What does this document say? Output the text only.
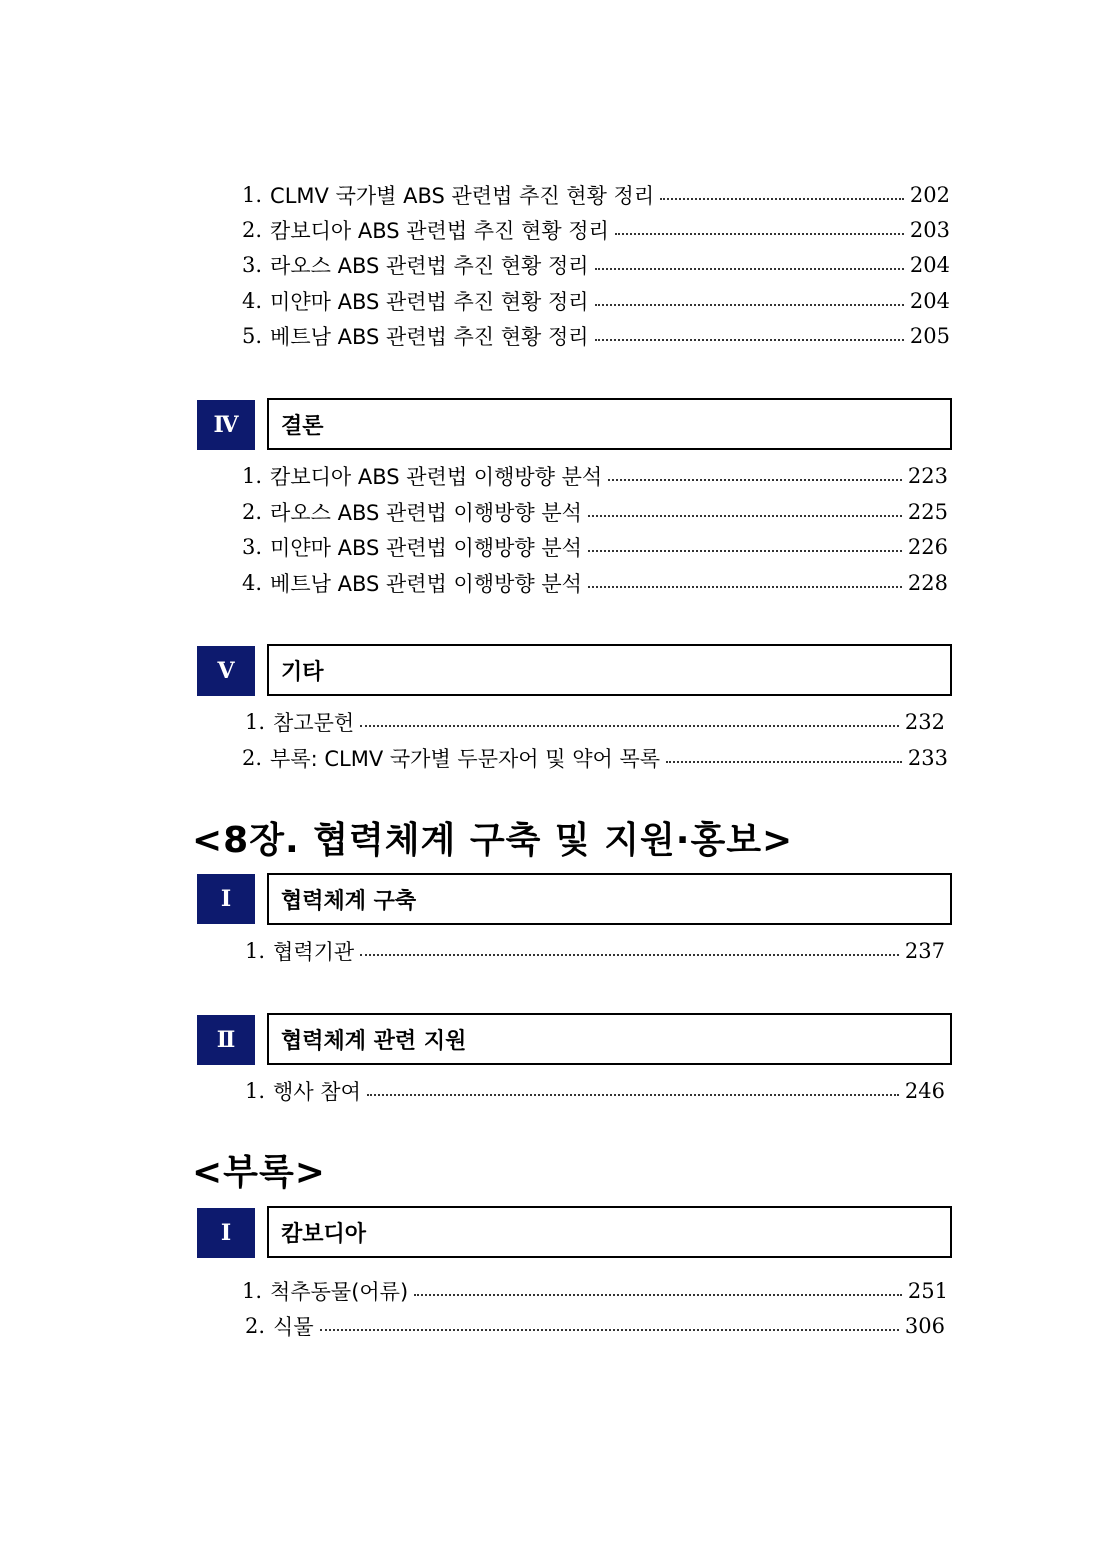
1. CLMV 국가별 ABS 관련법 추진 현황 정리	202
2. 캄보디아 ABS 관련법 추진 현황 정리	203
3. 라오스 ABS 관련법 추진 현황 정리	204
4. 미얀마 ABS 관련법 추진 현황 정리	204
5. 베트남 ABS 관련법 추진 현황 정리	205
Ⅳ	결론
1. 캄보디아 ABS 관련법 이행방향 분석	223
2. 라오스 ABS 관련법 이행방향 분석	225
3. 미얀마 ABS 관련법 이행방향 분석	226
4. 베트남 ABS 관련법 이행방향 분석	228
Ⅴ	기타
1. 참고문헌	232
2. 부록: CLMV 국가별 두문자어 및 약어 목록	233
<8장. 협력체계 구축 및 지원·홍보>
Ⅰ	협력체계 구축
1. 협력기관	237
Ⅱ	협력체계 관련 지원
1. 행사 참여	246
<부록>
Ⅰ	캄보디아
1. 척추동물(어류)	251
2. 식물	306
